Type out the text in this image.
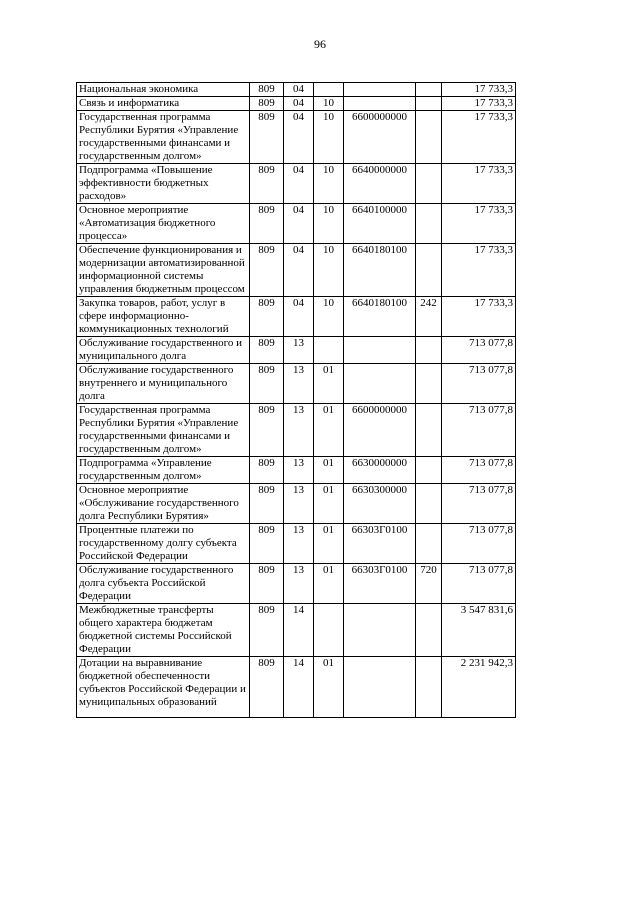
96
Национальная экономика	809	04				17 733,3
Связь и информатика	809	04	10			17 733,3
Государственная программа Республики Бурятия «Управление государственными финансами и государственным долгом»	809	04	10	6600000000		17 733,3
Подпрограмма «Повышение эффективности бюджетных расходов»	809	04	10	6640000000		17 733,3
Основное мероприятие «Автоматизация бюджетного процесса»	809	04	10	6640100000		17 733,3
Обеспечение функционирования и модернизации автоматизированной информационной системы управления бюджетным процессом	809	04	10	6640180100		17 733,3
Закупка товаров, работ, услуг в сфере информационно-коммуникационных технологий	809	04	10	6640180100	242	17 733,3
Обслуживание государственного и муниципального долга	809	13				713 077,8
Обслуживание государственного внутреннего и муниципального долга	809	13	01			713 077,8
Государственная программа Республики Бурятия «Управление государственными финансами и государственным долгом»	809	13	01	6600000000		713 077,8
Подпрограмма «Управление государственным долгом»	809	13	01	6630000000		713 077,8
Основное мероприятие «Обслуживание государственного долга Республики Бурятия»	809	13	01	6630300000		713 077,8
Процентные платежи по государственному долгу субъекта Российской Федерации	809	13	01	66303Г0100		713 077,8
Обслуживание государственного долга субъекта Российской Федерации	809	13	01	66303Г0100	720	713 077,8
Межбюджетные трансферты общего характера бюджетам бюджетной системы Российской Федерации	809	14				3 547 831,6

Дотации на выравнивание бюджетной обеспеченности субъектов Российской Федерации и муниципальных образований	809	14	01			2 231 942,3
